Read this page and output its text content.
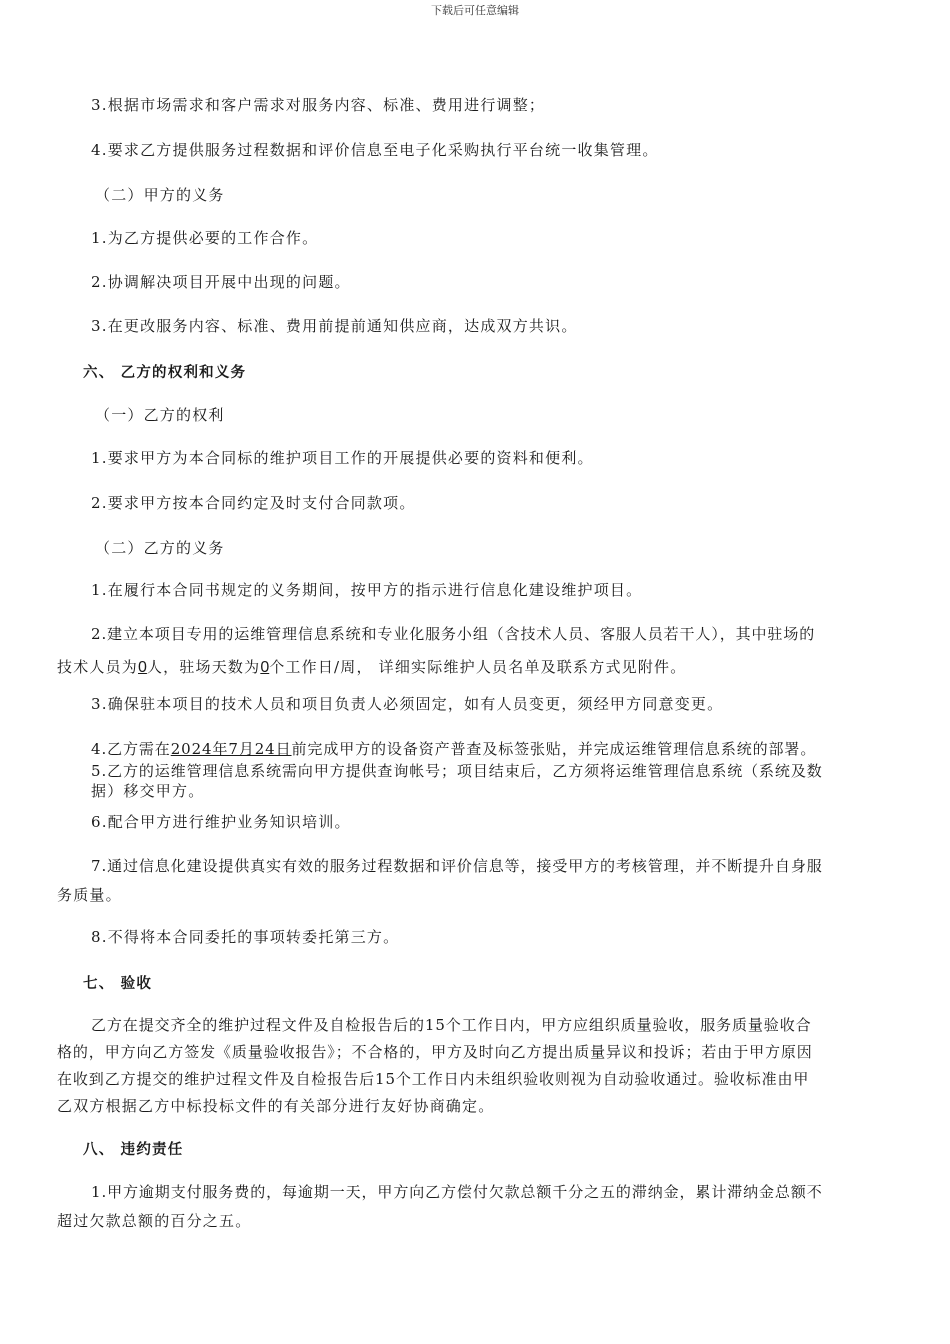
下载后可任意编辑
3.根据市场需求和客户需求对服务内容、标准、费用进行调整；
4.要求乙方提供服务过程数据和评价信息至电子化采购执行平台统一收集管理。
（二）甲方的义务
1.为乙方提供必要的工作合作。
2.协调解决项目开展中出现的问题。
3.在更改服务内容、标准、费用前提前通知供应商，达成双方共识。
六、 乙方的权利和义务
（一）乙方的权利
1.要求甲方为本合同标的维护项目工作的开展提供必要的资料和便利。
2.要求甲方按本合同约定及时支付合同款项。
（二）乙方的义务
1.在履行本合同书规定的义务期间，按甲方的指示进行信息化建设维护项目。
2.建立本项目专用的运维管理信息系统和专业化服务小组（含技术人员、客服人员若干人），其中驻场的
技术人员为0人，驻场天数为0个工作日/周， 详细实际维护人员名单及联系方式见附件。
3.确保驻本项目的技术人员和项目负责人必须固定，如有人员变更，须经甲方同意变更。
4.乙方需在2024年7月24日前完成甲方的设备资产普查及标签张贴，并完成运维管理信息系统的部署。
5.乙方的运维管理信息系统需向甲方提供查询帐号；项目结束后，乙方须将运维管理信息系统（系统及数
据）移交甲方。
6.配合甲方进行维护业务知识培训。
7.通过信息化建设提供真实有效的服务过程数据和评价信息等，接受甲方的考核管理，并不断提升自身服
务质量。
8.不得将本合同委托的事项转委托第三方。
七、 验收
乙方在提交齐全的维护过程文件及自检报告后的15个工作日内，甲方应组织质量验收，服务质量验收合
格的，甲方向乙方签发《质量验收报告》；不合格的，甲方及时向乙方提出质量异议和投诉；若由于甲方原因
在收到乙方提交的维护过程文件及自检报告后15个工作日内未组织验收则视为自动验收通过。验收标准由甲
乙双方根据乙方中标投标文件的有关部分进行友好协商确定。
八、 违约责任
1.甲方逾期支付服务费的，每逾期一天，甲方向乙方偿付欠款总额千分之五的滞纳金，累计滞纳金总额不
超过欠款总额的百分之五。
